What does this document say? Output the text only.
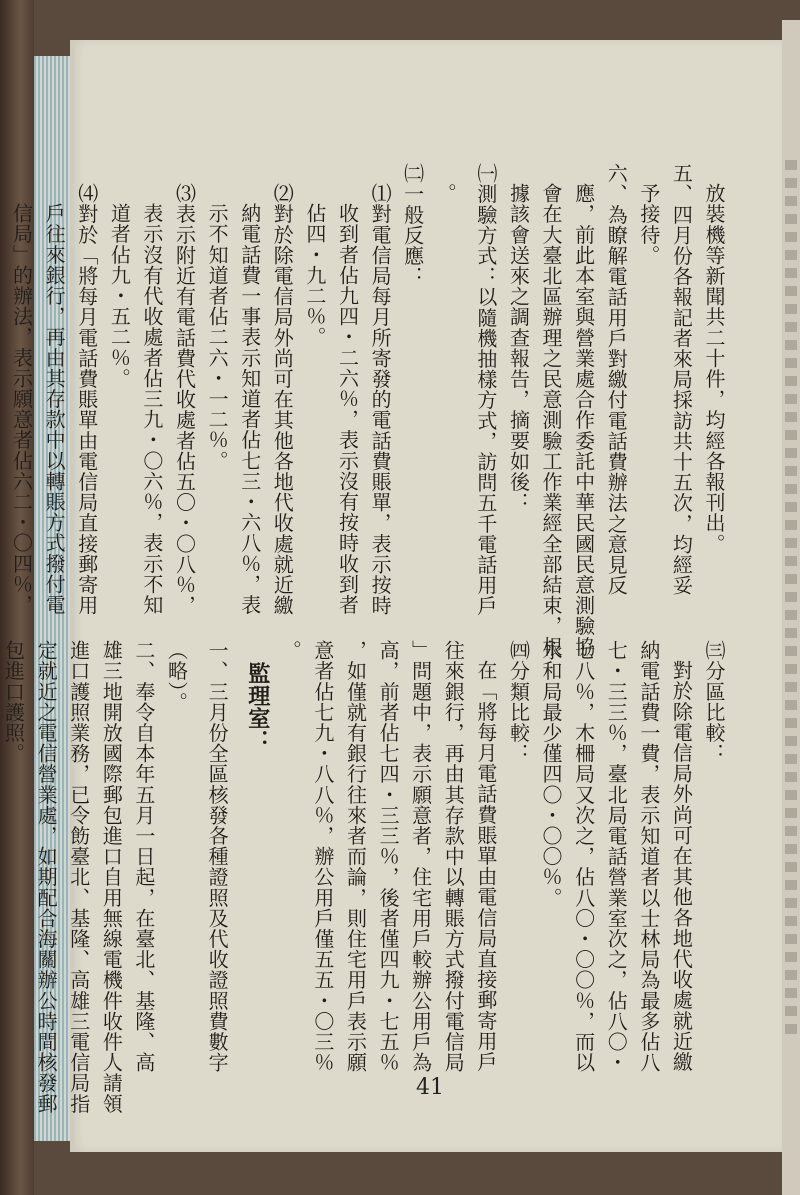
放裝機等新聞共二十件，均經各報刊出。
五、四月份各報記者來局採訪共十五次，均經妥
予接待。
六、為瞭解電話用戶對繳付電話費辦法之意見反
應，前此本室與營業處合作委託中華民國民意測驗協
會在大臺北區辦理之民意測驗工作業經全部結束，根
據該會送來之調查報告，摘要如後：
㈠測驗方式：以隨機抽樣方式，訪問五千電話用戶
。
㈡一般反應：
⑴對電信局每月所寄發的電話費賬單，表示按時
收到者佔九四・二六％，表示沒有按時收到者
佔四・九二％。
⑵對於除電信局外尚可在其他各地代收處就近繳
納電話費一事表示知道者佔七三・六八％，表
示不知道者佔二六・一二％。
⑶表示附近有電話費代收處者佔五〇・〇八％，
表示沒有代收處者佔三九・〇六％，表示不知
道者佔九・五二％。
⑷對於「將每月電話費賬單由電信局直接郵寄用
戶往來銀行，再由其存款中以轉賬方式撥付電
信局」的辦法，表示願意者佔六二・〇四％，
㈢分區比較：
對於除電信局外尚可在其他各地代收處就近繳
納電話費一費，表示知道者以士林局為最多佔八
七・三三％，臺北局電話營業室次之，佔八〇・
七八％，木柵局又次之，佔八〇・〇〇％，而以
永和局最少僅四〇・〇〇％。
㈣分類比較：
在「將每月電話費賬單由電信局直接郵寄用戶
往來銀行，再由其存款中以轉賬方式撥付電信局
」問題中，表示願意者，住宅用戶較辦公用戶為
高，前者佔七四・三三％，後者僅四九・七五％
，如僅就有銀行往來者而論，則住宅用戶表示願
意者佔七九・八八％，辦公用戶僅五五・〇三％
。
監理室：
一、三月份全區核發各種證照及代收證照費數字
（略）。
二、奉令自本年五月一日起，在臺北、基隆、高
雄三地開放國際郵包進口自用無線電機件收件人請領
進口護照業務，已令飭臺北、基隆、高雄三電信局指
定就近之電信營業處，如期配合海關辦公時間核發郵
包進口護照。
41
